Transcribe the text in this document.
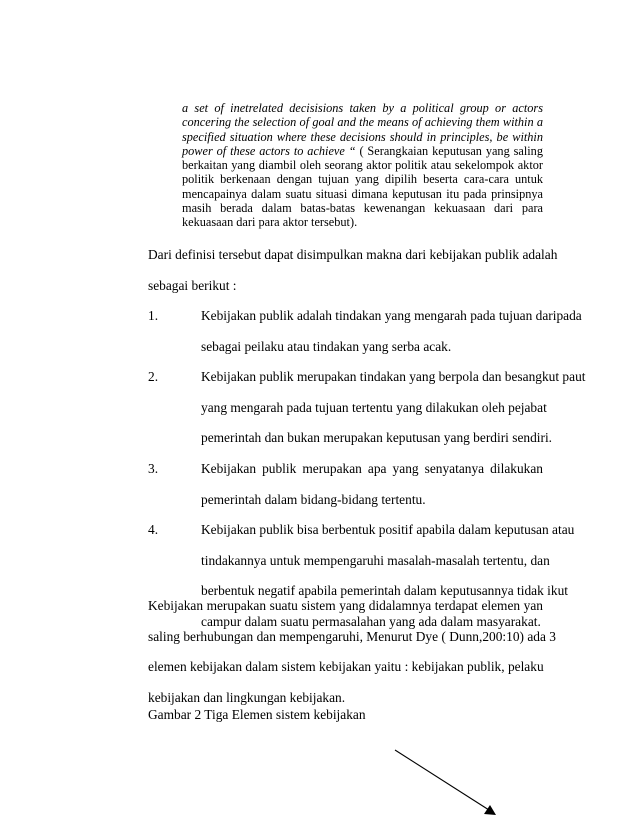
a set of inetrelated decisisions taken by a political group or actors
concering the selection of goal and the means of achieving them within a
specified situation where these decisions should in principles, be within
power of these actors to achieve “ ( Serangkaian keputusan yang saling
berkaitan yang diambil oleh seorang aktor politik atau sekelompok aktor
politik berkenaan dengan tujuan yang dipilih beserta cara-cara untuk
mencapainya dalam suatu situasi dimana keputusan itu pada prinsipnya
masih berada dalam batas-batas kewenangan kekuasaan dari para
kekuasaan dari para aktor tersebut).
Dari definisi tersebut dapat disimpulkan makna dari kebijakan publik adalah
sebagai berikut :
1.	Kebijakan publik adalah tindakan yang mengarah pada tujuan daripada
sebagai peilaku atau tindakan yang serba acak.
2.	Kebijakan publik merupakan tindakan yang berpola dan besangkut paut
yang mengarah pada tujuan tertentu yang dilakukan oleh pejabat
pemerintah dan bukan merupakan keputusan yang berdiri sendiri.
3.	Kebijakan publik merupakan apa yang senyatanya dilakukan
pemerintah dalam bidang-bidang tertentu.
4.	Kebijakan publik bisa berbentuk positif apabila dalam keputusan atau
tindakannya untuk mempengaruhi masalah-masalah tertentu, dan
berbentuk negatif apabila pemerintah dalam keputusannya tidak ikut
campur dalam suatu permasalahan yang ada dalam masyarakat.
Kebijakan merupakan suatu sistem yang didalamnya terdapat elemen yan
saling berhubungan dan mempengaruhi, Menurut Dye ( Dunn,200:10) ada 3
elemen kebijakan dalam sistem kebijakan yaitu : kebijakan publik, pelaku
kebijakan dan lingkungan kebijakan.
Gambar 2 Tiga Elemen sistem kebijakan
